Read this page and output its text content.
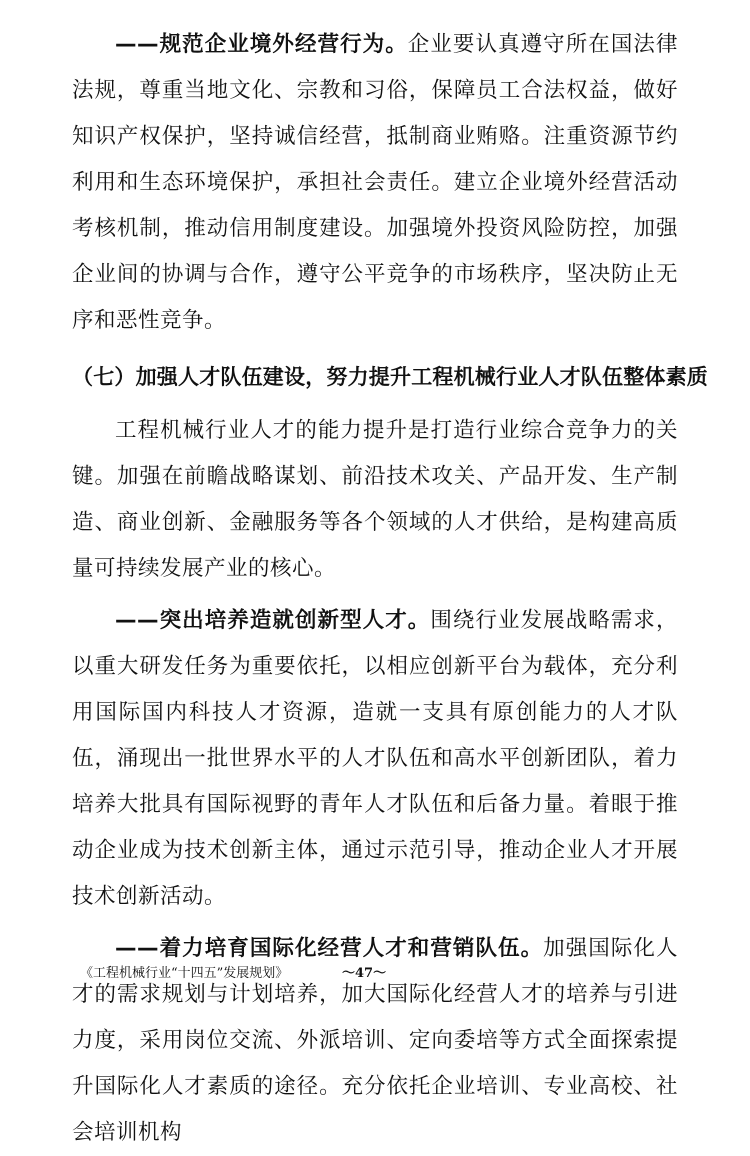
——规范企业境外经营行为。企业要认真遵守所在国法律法规，尊重当地文化、宗教和习俗，保障员工合法权益，做好知识产权保护，坚持诚信经营，抵制商业贿赂。注重资源节约利用和生态环境保护，承担社会责任。建立企业境外经营活动考核机制，推动信用制度建设。加强境外投资风险防控，加强企业间的协调与合作，遵守公平竞争的市场秩序，坚决防止无序和恶性竞争。

（七）加强人才队伍建设，努力提升工程机械行业人才队伍整体素质

工程机械行业人才的能力提升是打造行业综合竞争力的关键。加强在前瞻战略谋划、前沿技术攻关、产品开发、生产制造、商业创新、金融服务等各个领域的人才供给，是构建高质量可持续发展产业的核心。

——突出培养造就创新型人才。围绕行业发展战略需求，以重大研发任务为重要依托，以相应创新平台为载体，充分利用国际国内科技人才资源，造就一支具有原创能力的人才队伍，涌现出一批世界水平的人才队伍和高水平创新团队，着力培养大批具有国际视野的青年人才队伍和后备力量。着眼于推动企业成为技术创新主体，通过示范引导，推动企业人才开展技术创新活动。

——着力培育国际化经营人才和营销队伍。加强国际化人才的需求规划与计划培养，加大国际化经营人才的培养与引进力度，采用岗位交流、外派培训、定向委培等方式全面探索提升国际化人才素质的途径。充分依托企业培训、专业高校、社会培训机构

《工程机械行业“十四五”发展规划》	～47～
